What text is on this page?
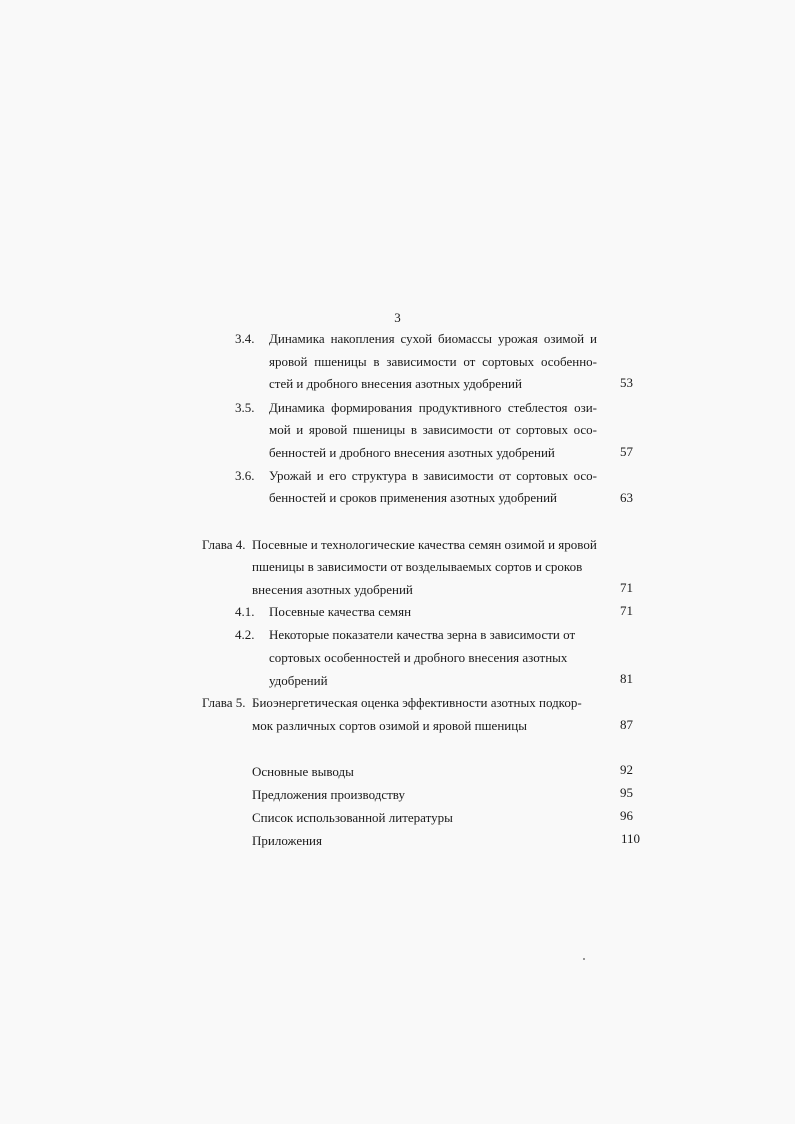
3
3.4. Динамика накопления сухой биомассы урожая озимой и
яровой пшеницы в зависимости от сортовых особенно-
стей и дробного внесения азотных удобрений	53
3.5. Динамика формирования продуктивного стеблестоя ози-
мой и яровой пшеницы в зависимости от сортовых осо-
бенностей и дробного внесения азотных удобрений	57
3.6. Урожай и его структура в зависимости от сортовых осо-
бенностей и сроков применения азотных удобрений	63
Глава 4. Посевные и технологические качества семян озимой и яровой
пшеницы в зависимости от возделываемых сортов и сроков
внесения азотных удобрений	71
4.1. Посевные качества семян	71
4.2. Некоторые показатели качества зерна в зависимости от
сортовых особенностей и дробного внесения азотных
удобрений	81
Глава 5. Биоэнергетическая оценка эффективности азотных подкор-
мок различных сортов озимой и яровой пшеницы	87
Основные выводы	92
Предложения производству	95
Список использованной литературы	96
Приложения	110
